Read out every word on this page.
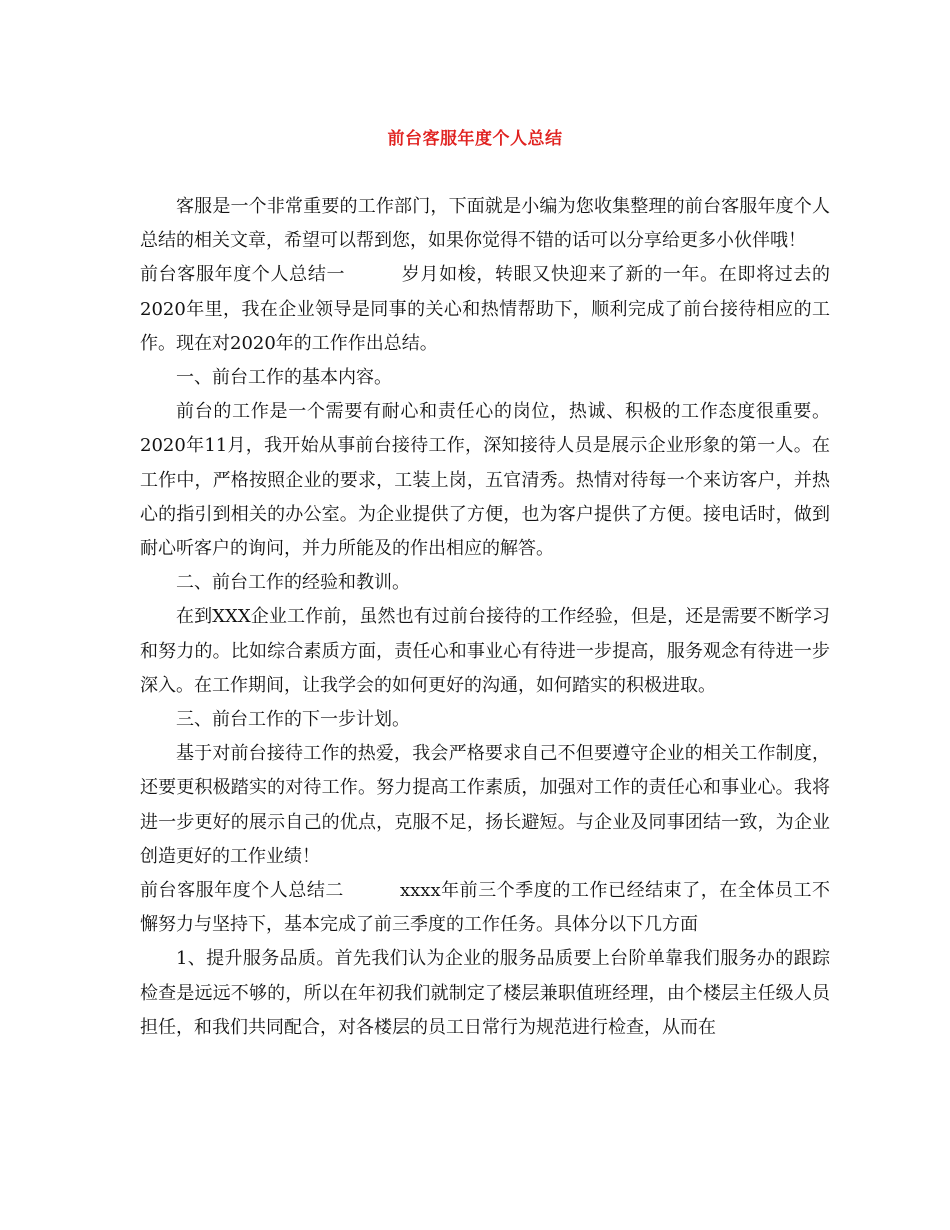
前台客服年度个人总结

客服是一个非常重要的工作部门，下面就是小编为您收集整理的前台客服年度个人总结的相关文章，希望可以帮到您，如果你觉得不错的话可以分享给更多小伙伴哦！

前台客服年度个人总结一	岁月如梭，转眼又快迎来了新的一年。在即将过去的2020年里，我在企业领导是同事的关心和热情帮助下，顺利完成了前台接待相应的工作。现在对2020年的工作作出总结。

一、前台工作的基本内容。

前台的工作是一个需要有耐心和责任心的岗位，热诚、积极的工作态度很重要。2020年11月，我开始从事前台接待工作，深知接待人员是展示企业形象的第一人。在工作中，严格按照企业的要求，工装上岗，五官清秀。热情对待每一个来访客户，并热心的指引到相关的办公室。为企业提供了方便，也为客户提供了方便。接电话时，做到耐心听客户的询问，并力所能及的作出相应的解答。

二、前台工作的经验和教训。

在到XXX企业工作前，虽然也有过前台接待的工作经验，但是，还是需要不断学习和努力的。比如综合素质方面，责任心和事业心有待进一步提高，服务观念有待进一步深入。在工作期间，让我学会的如何更好的沟通，如何踏实的积极进取。

三、前台工作的下一步计划。

基于对前台接待工作的热爱，我会严格要求自己不但要遵守企业的相关工作制度，还要更积极踏实的对待工作。努力提高工作素质，加强对工作的责任心和事业心。我将进一步更好的展示自己的优点，克服不足，扬长避短。与企业及同事团结一致，为企业创造更好的工作业绩！

前台客服年度个人总结二	xxxx年前三个季度的工作已经结束了，在全体员工不懈努力与坚持下，基本完成了前三季度的工作任务。具体分以下几方面

1、提升服务品质。首先我们认为企业的服务品质要上台阶单靠我们服务办的跟踪检查是远远不够的，所以在年初我们就制定了楼层兼职值班经理，由个楼层主任级人员担任，和我们共同配合，对各楼层的员工日常行为规范进行检查，从而在
